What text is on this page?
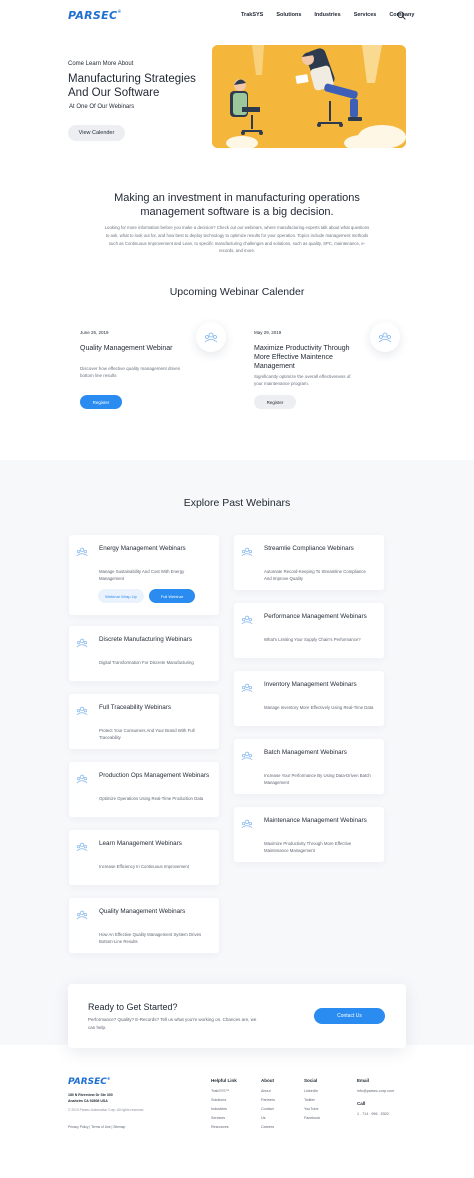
PARSEC®
TrakSYS Solutions Industries Services Company
Come Learn More About
Manufacturing Strategies And Our Software
At One Of Our Webinars
View Calender
Making an investment in manufacturing operations management software is a big decision.
Looking for more information before you make a decision? Check out our webinars, where manufacturing experts talk about what questions to ask, what to look out for, and how best to deploy technology to optimize results for your operation. Topics include management methods such as Continuous Improvement and Lean, to specific manufacturing challenges and solutions, such as quality, SPC, maintenance, e-records, and more.
Upcoming Webinar Calender
June 26, 2019
Quality Management Webinar
Discover how effective quality management drives bottom line results
Register
May 29, 2019
Maximize Productivity Through More Effective Maintence Management
Significantly optimize the overall effectiveness of your maintenance program.
Register
Explore Past Webinars
Energy Management Webinars
Manage Sustainability And Cost With Energy Management
Webinar Wrap Up	Full Webinar
Discrete Manufacturing Webinars
Digital Transformation For Discrete Manufacturing
Full Traceability Webinars
Protect Your Consumers And Your Brand With Full Traceability
Production Ops Management Webinars
Optimize Operations Using Real-Time Production Data
Learn Management Webinars
Increase Efficiency In Continuous Improvement
Quality Management Webinars
How An Effective Quality Management System Drives Bottom-Line Results
Streamlie Compliance Webinars
Automate Record-Keeping To Streamline Compliance And Improve Quality
Performance Management Webinars
What's Limiting Your Supply Chain's Performance?
Inventory Management Webinars
Manage Inventory More Effectively Using Real-Time Data
Batch Management Webinars
Increase Your Performance By Using Data-Driven Batch Management
Maintenance Management Webinars
Maximize Productivity Through More Effective Maintenance Management
Ready to Get Started?
Performance? Quality? E-Records? Tell us what you're working on. Chances are, we can help.
Contact Us
PARSEC®
180 N Riverview Dr Ste 300
Anaheim CA 92808 USA
© 2019 Parsec Automation Corp. All rights reserved.
Privacy Policy | Terms of Use | Sitemap
Helpful Link
TrakSYS™
Solutions
Industries
Services
Resources
About
About
Partners
Contact
Us
Careers
Social
LinkedIn
Twitter
YouTube
Facebook
Email
info@parsec-corp.com
Call
1 . 714 . 996 . 5302
